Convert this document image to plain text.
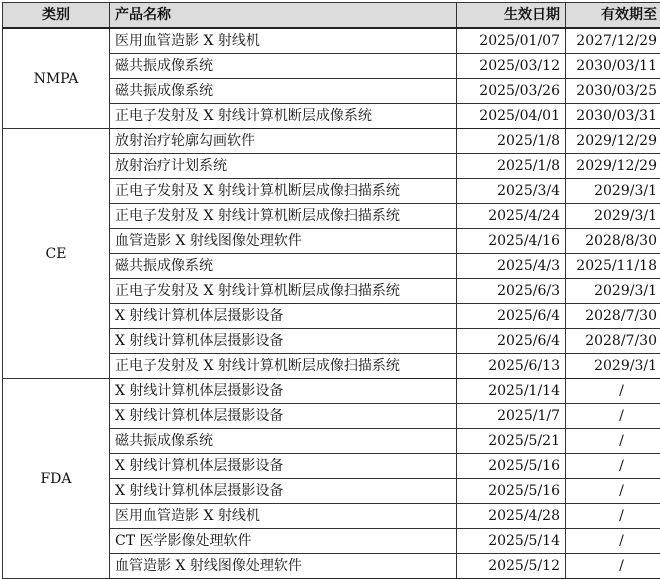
类别	产品名称	生效日期	有效期至
NMPA	医用血管造影 X 射线机	2025/01/07	2027/12/29
	磁共振成像系统	2025/03/12	2030/03/11
	磁共振成像系统	2025/03/26	2030/03/25
	正电子发射及 X 射线计算机断层成像系统	2025/04/01	2030/03/31
CE	放射治疗轮廓勾画软件	2025/1/8	2029/12/29
	放射治疗计划系统	2025/1/8	2029/12/29
	正电子发射及 X 射线计算机断层成像扫描系统	2025/3/4	2029/3/1
	正电子发射及 X 射线计算机断层成像扫描系统	2025/4/24	2029/3/1
	血管造影 X 射线图像处理软件	2025/4/16	2028/8/30
	磁共振成像系统	2025/4/3	2025/11/18
	正电子发射及 X 射线计算机断层成像扫描系统	2025/6/3	2029/3/1
	X 射线计算机体层摄影设备	2025/6/4	2028/7/30
	X 射线计算机体层摄影设备	2025/6/4	2028/7/30
	正电子发射及 X 射线计算机断层成像扫描系统	2025/6/13	2029/3/1
FDA	X 射线计算机体层摄影设备	2025/1/14	/
	X 射线计算机体层摄影设备	2025/1/7	/
	磁共振成像系统	2025/5/21	/
	X 射线计算机体层摄影设备	2025/5/16	/
	X 射线计算机体层摄影设备	2025/5/16	/
	医用血管造影 X 射线机	2025/4/28	/
	CT 医学影像处理软件	2025/5/14	/
	血管造影 X 射线图像处理软件	2025/5/12	/
